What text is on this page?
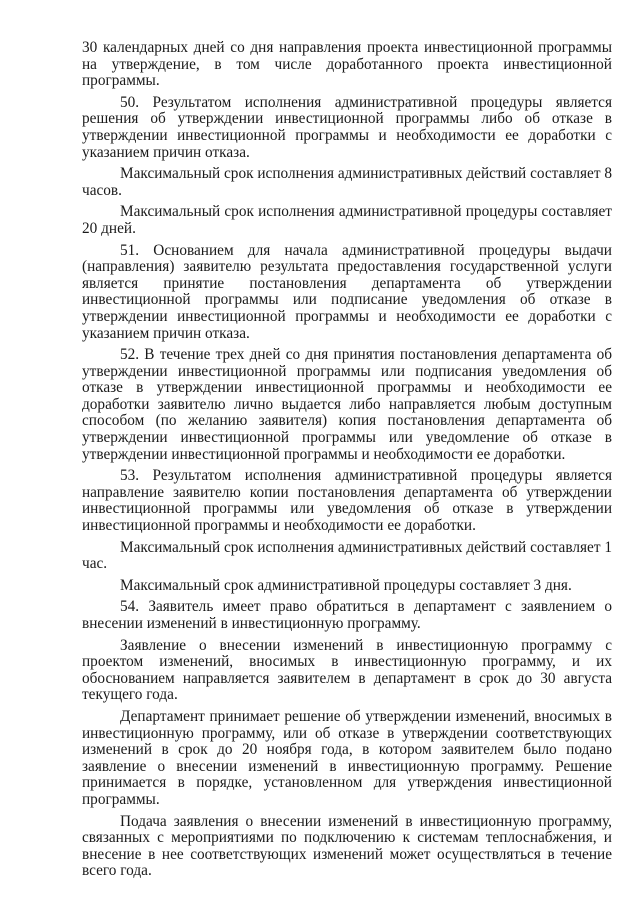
30 календарных дней со дня направления проекта инвестиционной программы на утверждение, в том числе доработанного проекта инвестиционной программы.

50. Результатом исполнения административной процедуры является решения об утверждении инвестиционной программы либо об отказе в утверждении инвестиционной программы и необходимости ее доработки с указанием причин отказа.

Максимальный срок исполнения административных действий составляет 8 часов.

Максимальный срок исполнения административной процедуры составляет 20 дней.

51. Основанием для начала административной процедуры выдачи (направления) заявителю результата предоставления государственной услуги является принятие постановления департамента об утверждении инвестиционной программы или подписание уведомления об отказе в утверждении инвестиционной программы и необходимости ее доработки с указанием причин отказа.

52. В течение трех дней со дня принятия постановления департамента об утверждении инвестиционной программы или подписания уведомления об отказе в утверждении инвестиционной программы и необходимости ее доработки заявителю лично выдается либо направляется любым доступным способом (по желанию заявителя) копия постановления департамента об утверждении инвестиционной программы или уведомление об отказе в утверждении инвестиционной программы и необходимости ее доработки.

53. Результатом исполнения административной процедуры является направление заявителю копии постановления департамента об утверждении инвестиционной программы или уведомления об отказе в утверждении инвестиционной программы и необходимости ее доработки.

Максимальный срок исполнения административных действий составляет 1 час.

Максимальный срок административной процедуры составляет 3 дня.

54. Заявитель имеет право обратиться в департамент с заявлением о внесении изменений в инвестиционную программу.

Заявление о внесении изменений в инвестиционную программу с проектом изменений, вносимых в инвестиционную программу, и их обоснованием направляется заявителем в департамент в срок до 30 августа текущего года.

Департамент принимает решение об утверждении изменений, вносимых в инвестиционную программу, или об отказе в утверждении соответствующих изменений в срок до 20 ноября года, в котором заявителем было подано заявление о внесении изменений в инвестиционную программу. Решение принимается в порядке, установленном для утверждения инвестиционной программы.

Подача заявления о внесении изменений в инвестиционную программу, связанных с мероприятиями по подключению к системам теплоснабжения, и внесение в нее соответствующих изменений может осуществляться в течение всего года.
